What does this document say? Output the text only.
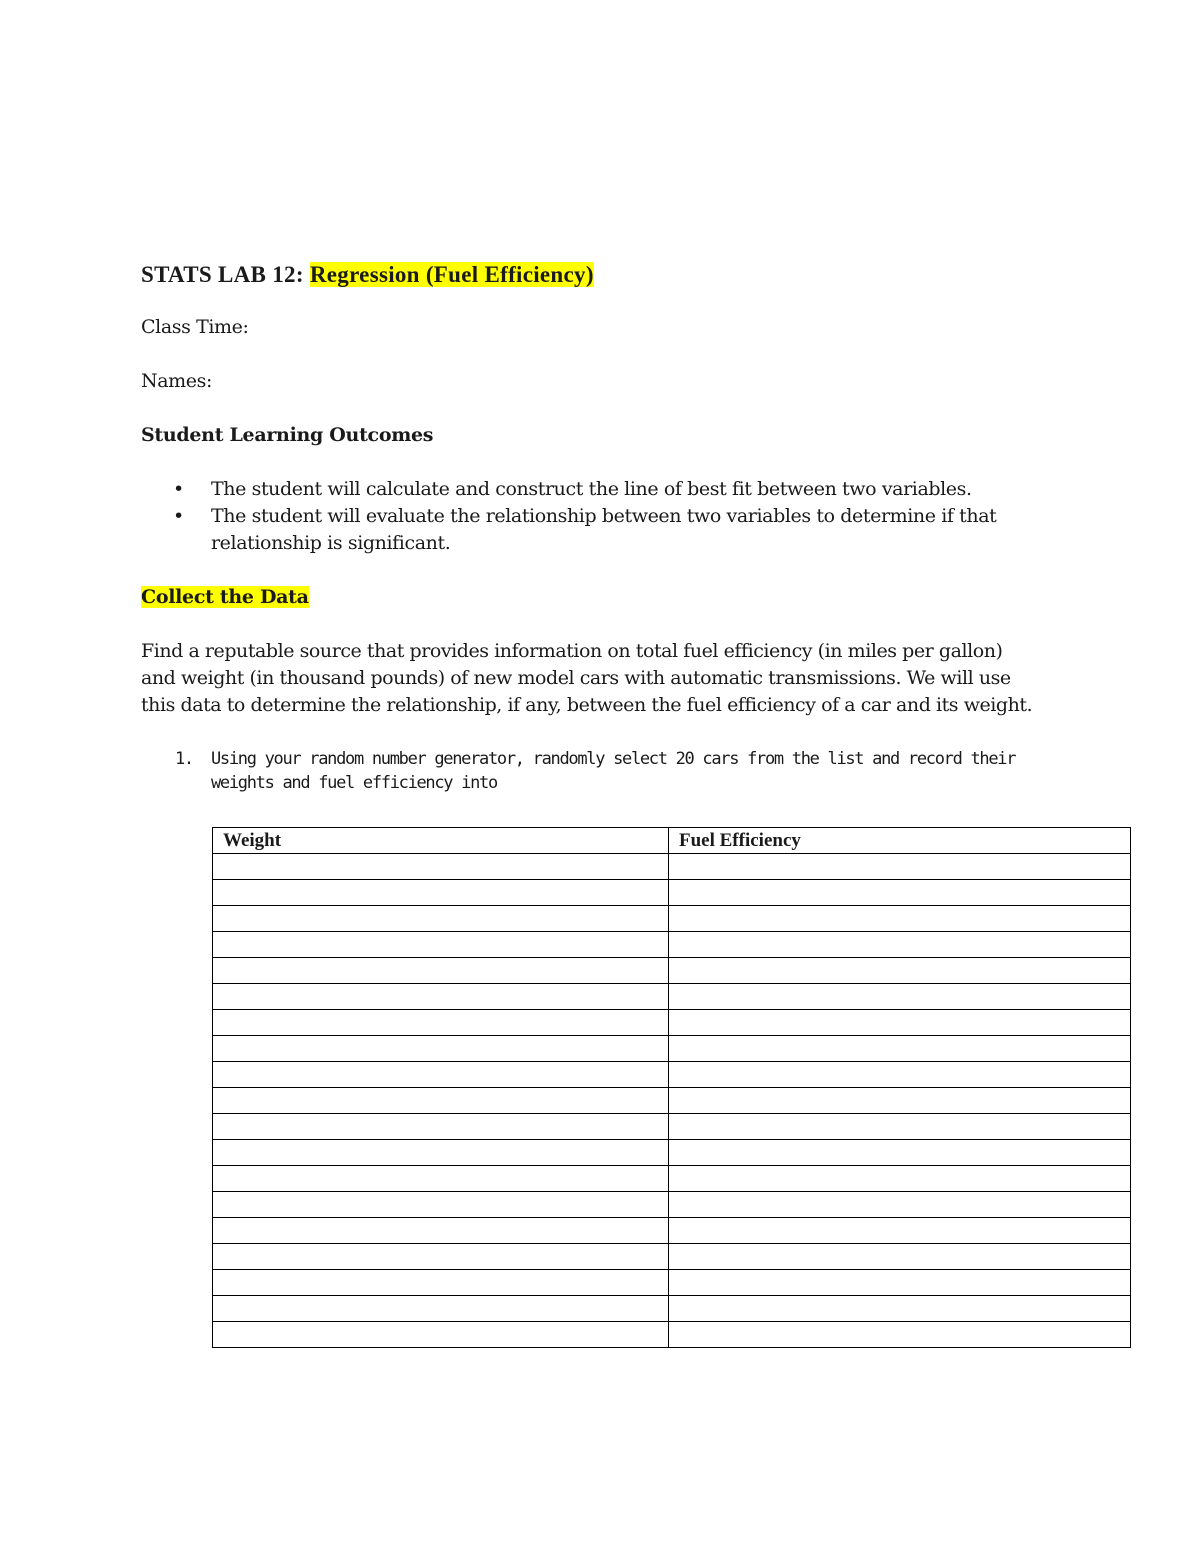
STATS LAB 12: Regression (Fuel Efficiency)

Class Time:

Names:

Student Learning Outcomes

• The student will calculate and construct the line of best fit between two variables.
• The student will evaluate the relationship between two variables to determine if that
relationship is significant.

Collect the Data

Find a reputable source that provides information on total fuel efficiency (in miles per gallon)
and weight (in thousand pounds) of new model cars with automatic transmissions. We will use
this data to determine the relationship, if any, between the fuel efficiency of a car and its weight.

1. Using your random number generator, randomly select 20 cars from the list and record their
weights and fuel efficiency into

Weight	Fuel Efficiency
